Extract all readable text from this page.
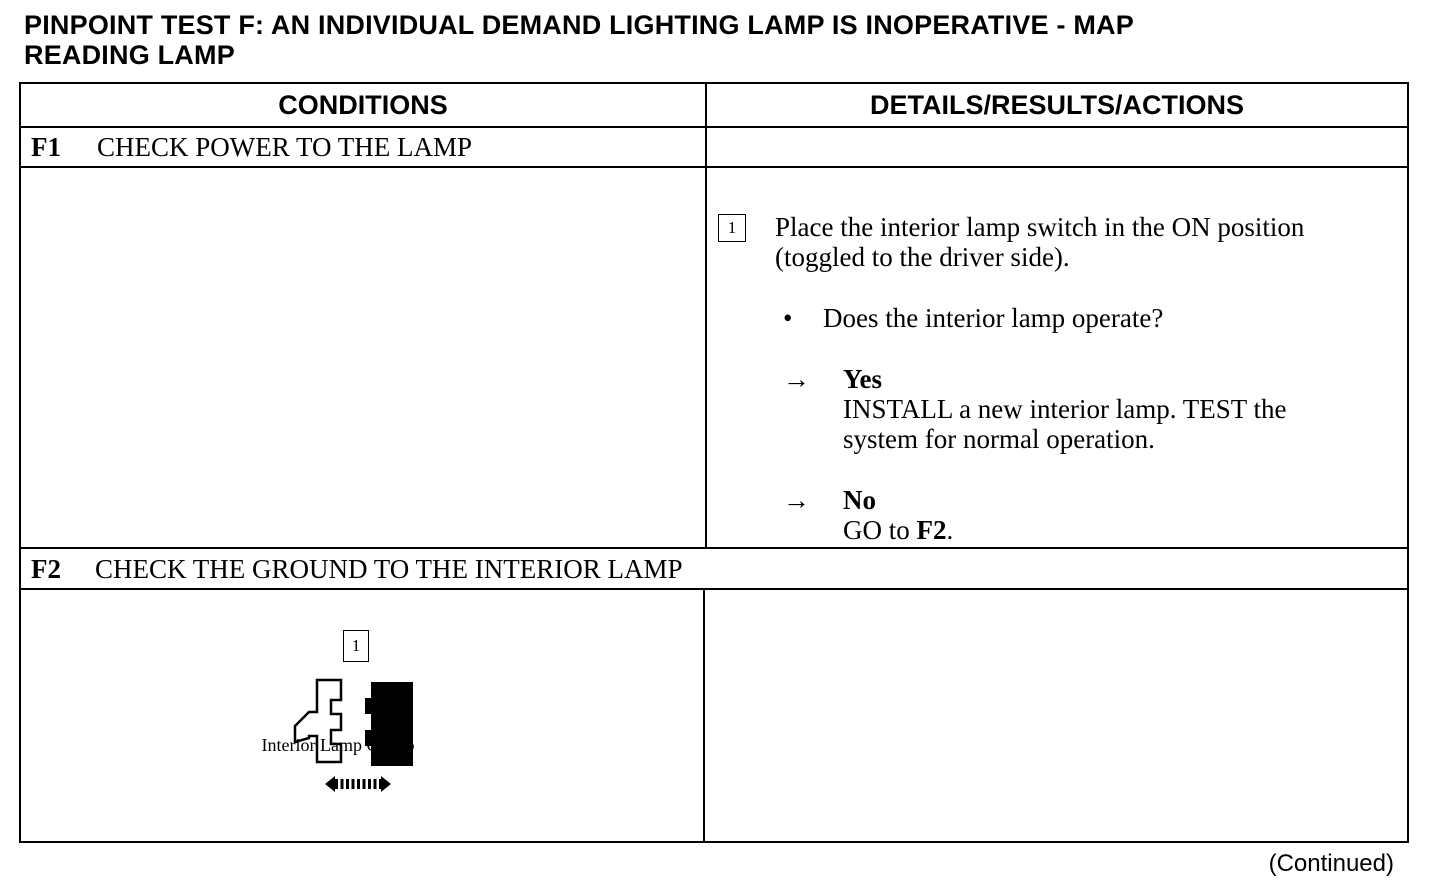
PINPOINT TEST F: AN INDIVIDUAL DEMAND LIGHTING LAMP IS INOPERATIVE - MAP
READING LAMP
CONDITIONS	DETAILS/RESULTS/ACTIONS
F1	CHECK POWER TO THE LAMP
1	Place the interior lamp switch in the ON position
(toggled to the driver side).
• Does the interior lamp operate?
→ Yes
INSTALL a new interior lamp. TEST the
system for normal operation.
→ No
GO to F2.
F2	CHECK THE GROUND TO THE INTERIOR LAMP
1
Interior Lamp C890b
(Continued)
